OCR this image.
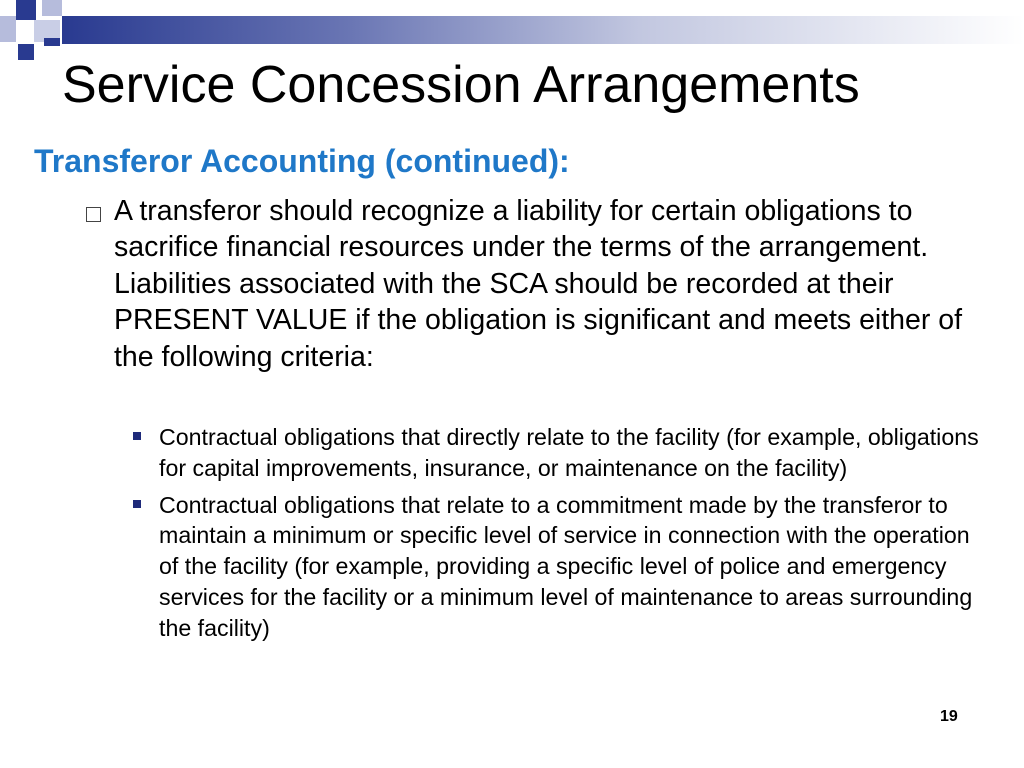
Service Concession Arrangements
Transferor Accounting (continued):
A transferor should recognize a liability for certain obligations to sacrifice financial resources under the terms of the arrangement. Liabilities associated with the SCA should be recorded at their PRESENT VALUE if the obligation is significant and meets either of the following criteria:
Contractual obligations that directly relate to the facility (for example, obligations for capital improvements, insurance, or maintenance on the facility)
Contractual obligations that relate to a commitment made by the transferor to maintain a minimum or specific level of service in connection with the operation of the facility (for example, providing a specific level of police and emergency services for the facility or a minimum level of maintenance to areas surrounding the facility)
19
